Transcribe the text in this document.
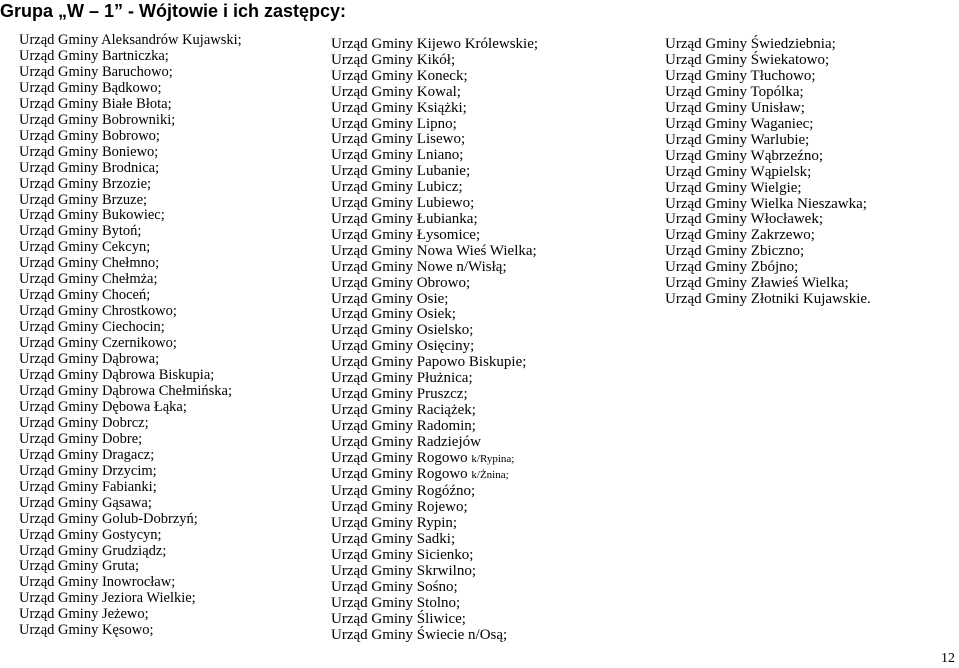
Grupa „W – 1” - Wójtowie i ich zastępcy:
Urząd Gminy Aleksandrów Kujawski;
Urząd Gminy Bartniczka;
Urząd Gminy Baruchowo;
Urząd Gminy Bądkowo;
Urząd Gminy Białe Błota;
Urząd Gminy Bobrowniki;
Urząd Gminy Bobrowo;
Urząd Gminy Boniewo;
Urząd Gminy Brodnica;
Urząd Gminy Brzozie;
Urząd Gminy Brzuze;
Urząd Gminy Bukowiec;
Urząd Gminy Bytoń;
Urząd Gminy Cekcyn;
Urząd Gminy Chełmno;
Urząd Gminy Chełmża;
Urząd Gminy Choceń;
Urząd Gminy Chrostkowo;
Urząd Gminy Ciechocin;
Urząd Gminy Czernikowo;
Urząd Gminy Dąbrowa;
Urząd Gminy Dąbrowa Biskupia;
Urząd Gminy Dąbrowa Chełmińska;
Urząd Gminy Dębowa Łąka;
Urząd Gminy Dobrcz;
Urząd Gminy Dobre;
Urząd Gminy Dragacz;
Urząd Gminy Drzycim;
Urząd Gminy Fabianki;
Urząd Gminy Gąsawa;
Urząd Gminy Golub-Dobrzyń;
Urząd Gminy Gostycyn;
Urząd Gminy Grudziądz;
Urząd Gminy Gruta;
Urząd Gminy Inowrocław;
Urząd Gminy Jeziora Wielkie;
Urząd Gminy Jeżewo;
Urząd Gminy Kęsowo;
Urząd Gminy Kijewo Królewskie;
Urząd Gminy Kikół;
Urząd Gminy Koneck;
Urząd Gminy Kowal;
Urząd Gminy Książki;
Urząd Gminy Lipno;
Urząd Gminy Lisewo;
Urząd Gminy Lniano;
Urząd Gminy Lubanie;
Urząd Gminy Lubicz;
Urząd Gminy Lubiewo;
Urząd Gminy Łubianka;
Urząd Gminy Łysomice;
Urząd Gminy Nowa Wieś Wielka;
Urząd Gminy Nowe n/Wisłą;
Urząd Gminy Obrowo;
Urząd Gminy Osie;
Urząd Gminy Osiek;
Urząd Gminy Osielsko;
Urząd Gminy Osięciny;
Urząd Gminy Papowo Biskupie;
Urząd Gminy Płużnica;
Urząd Gminy Pruszcz;
Urząd Gminy Raciążek;
Urząd Gminy Radomin;
Urząd Gminy Radziejów
Urząd Gminy Rogowo k/Rypina;
Urząd Gminy Rogowo k/Żnina;
Urząd Gminy Rogóźno;
Urząd Gminy Rojewo;
Urząd Gminy Rypin;
Urząd Gminy Sadki;
Urząd Gminy Sicienko;
Urząd Gminy Skrwilno;
Urząd Gminy Sośno;
Urząd Gminy Stolno;
Urząd Gminy Śliwice;
Urząd Gminy Świecie n/Osą;
Urząd Gminy Świedziebnia;
Urząd Gminy Świekatowo;
Urząd Gminy Tłuchowo;
Urząd Gminy Topólka;
Urząd Gminy Unisław;
Urząd Gminy Waganiec;
Urząd Gminy Warlubie;
Urząd Gminy Wąbrzeźno;
Urząd Gminy Wąpielsk;
Urząd Gminy Wielgie;
Urząd Gminy Wielka Nieszawka;
Urząd Gminy Włocławek;
Urząd Gminy Zakrzewo;
Urząd Gminy Zbiczno;
Urząd Gminy Zbójno;
Urząd Gminy Zławieś Wielka;
Urząd Gminy Złotniki Kujawskie.
12
